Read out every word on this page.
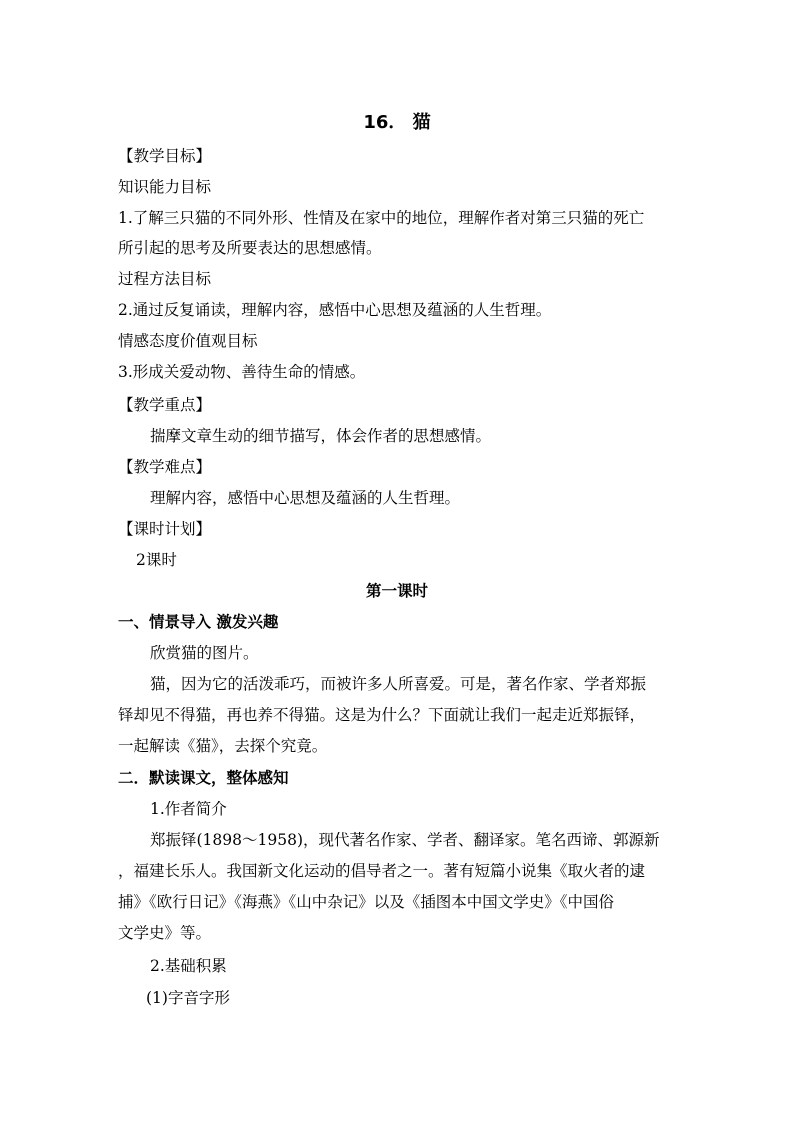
16． 猫
【教学目标】
知识能力目标
1.了解三只猫的不同外形、性情及在家中的地位，理解作者对第三只猫的死亡
所引起的思考及所要表达的思想感情。
过程方法目标
2.通过反复诵读，理解内容，感悟中心思想及蕴涵的人生哲理。
情感态度价值观目标
3.形成关爱动物、善待生命的情感。
【教学重点】
揣摩文章生动的细节描写，体会作者的思想感情。
【教学难点】
理解内容，感悟中心思想及蕴涵的人生哲理。
【课时计划】
2课时
第一课时
一、情景导入 激发兴趣
欣赏猫的图片。
猫，因为它的活泼乖巧，而被许多人所喜爱。可是，著名作家、学者郑振
铎却见不得猫，再也养不得猫。这是为什么？下面就让我们一起走近郑振铎，
一起解读《猫》，去探个究竟。
二．默读课文，整体感知
1.作者简介
郑振铎(1898～1958)，现代著名作家、学者、翻译家。笔名西谛、郭源新
，福建长乐人。我国新文化运动的倡导者之一。著有短篇小说集《取火者的逮
捕》《欧行日记》《海燕》《山中杂记》以及《插图本中国文学史》《中国俗
文学史》等。
2.基础积累
(1)字音字形
